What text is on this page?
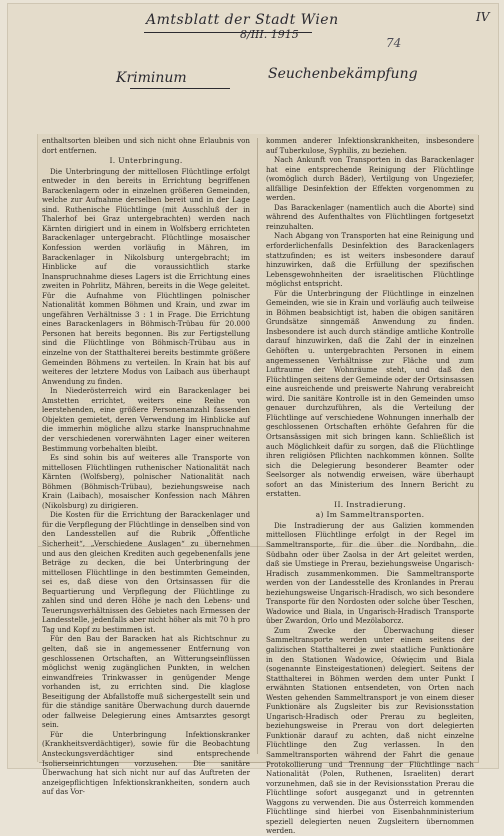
Amtsblatt der Stadt Wien
8/III. 1915
IV
74
Kriminum	Seuchenbekämpfung

enthaltsorten bleiben und sich nicht ohne Erlaubnis von dort entfernen.

I. Unterbringung.

Die Unterbringung der mittellosen Flüchtlinge erfolgt entweder in den bereits in Errichtung begriffenen Barackenlagern oder in einzelnen größeren Gemeinden, welche zur Aufnahme derselben bereit und in der Lage sind. Ruthenische Flüchtlinge (mit Ausschluß der in Thalerhof bei Graz untergebrachten) werden nach Kärnten dirigiert und in einem in Wolfsberg errichteten Barackenlager untergebracht. Flüchtlinge mosaischer Konfession werden vorläufig in Mähren, im Barackenlager in Nikolsburg untergebracht; im Hinblicke auf die voraussichtlich starke Inanspruchnahme dieses Lagers ist die Errichtung eines zweiten in Pohrlitz, Mähren, bereits in die Wege geleitet. Für die Aufnahme von Flüchtlingen polnischer Nationalität kommen Böhmen und Krain, und zwar im ungefähren Verhältnisse 3 : 1 in Frage. Die Errichtung eines Barackenlagers in Böhmisch-Trübau für 20.000 Personen hat bereits begonnen. Bis zur Fertigstellung sind die Flüchtlinge von Böhmisch-Trübau aus in einzelne von der Statthalterei bereits bestimmte größere Gemeinden Böhmens zu verteilen. In Krain hat bis auf weiteres der letztere Modus von Laibach aus überhaupt Anwendung zu finden.

In Niederösterreich wird ein Barackenlager bei Amstetten errichtet, weiters eine Reihe von leerstehenden, eine größere Personenanzahl fassenden Objekten gemietet, deren Verwendung im Hinblicke auf die immerhin mögliche allzu starke Inanspruchnahme der verschiedenen vorerwähnten Lager einer weiteren Bestimmung vorbehalten bleibt.

Es sind sohin bis auf weiteres alle Transporte von mittellosen Flüchtlingen ruthenischer Nationalität nach Kärnten (Wolfsberg), polnischer Nationalität nach Böhmen (Böhmisch-Trübau), beziehungsweise nach Krain (Laibach), mosaischer Konfession nach Mähren (Nikolsburg) zu dirigieren.

Die Kosten für die Errichtung der Barackenlager und für die Verpflegung der Flüchtlinge in denselben sind von den Landesstellen auf die Rubrik „Öffentliche Sicherheit“, „Verschiedene Auslagen“ zu übernehmen und aus den gleichen Krediten auch gegebenenfalls jene Beträge zu decken, die bei Unterbringung der mittellosen Flüchtlinge in den bestimmten Gemeinden, sei es, daß diese von den Ortsinsassen für die Bequartierung und Verpflegung der Flüchtlinge zu zahlen sind und deren Höhe je nach den Lebens- und Teuerungsverhältnissen des Gebietes nach Ermessen der Landesstelle, jedenfalls aber nicht höher als mit 70 h pro Tag und Kopf zu bestimmen ist.

Für den Bau der Baracken hat als Richtschnur zu gelten, daß sie in angemessener Entfernung von geschlossenen Ortschaften, an Witterungseinflüssen möglichst wenig zugänglichen Punkten, in welchen einwandfreies Trinkwasser in genügender Menge vorhanden ist, zu errichten sind. Die klaglose Beseitigung der Abfallstoffe muß sichergestellt sein und für die ständige sanitäre Überwachung durch dauernde oder fallweise Delegierung eines Amtsarztes gesorgt sein.

Für die Unterbringung Infektionskranker (Krankheitsverdächtiger), sowie für die Beobachtung Ansteckungsverdächtiger sind entsprechende Isolierseinrichtungen vorzusehen. Die sanitäre Überwachung hat sich nicht nur auf das Auftreten der anzeigepflichtigen Infektionskrankheiten, sondern auch auf das Vor-

kommen anderer Infektionskrankheiten, insbesondere auf Tuberkulose, Syphilis, zu beziehen.

Nach Ankunft von Transporten in das Barackenlager hat eine entsprechende Reinigung der Flüchtlinge (womöglich durch Bäder), Vertilgung von Ungeziefer, allfällige Desinfektion der Effekten vorgenommen zu werden.

Das Barackenlager (namentlich auch die Aborte) sind während des Aufenthaltes von Flüchtlingen fortgesetzt reinzuhalten.

Nach Abgang von Transporten hat eine Reinigung und erforderlichenfalls Desinfektion des Barackenlagers stattzufinden; es ist weiters insbesondere darauf hinzuwirken, daß die Erfüllung der spezifischen Lebensgewohnheiten der israelitischen Flüchtlinge möglichst entspricht.

Für die Unterbringung der Flüchtlinge in einzelnen Gemeinden, wie sie in Krain und vorläufig auch teilweise in Böhmen beabsichtigt ist, haben die obigen sanitären Grundsätze sinngemäß Anwendung zu finden. Insbesondere ist auch durch ständige amtliche Kontrolle darauf hinzuwirken, daß die Zahl der in einzelnen Gehöften u. untergebrachten Personen in einem angemessenen Verhältnisse zur Fläche und zum Luftraume der Wohnräume steht, und daß den Flüchtlingen seitens der Gemeinde oder der Ortsinsassen eine ausreichende und preiswerte Nahrung verabreicht wird. Die sanitäre Kontrolle ist in den Gemeinden umso genauer durchzuführen, als die Verteilung der Flüchtlinge auf verschiedene Wohnungen innerhalb der geschlossenen Ortschaften erhöhte Gefahren für die Ortsansässigen mit sich bringen kann. Schließlich ist auch Möglichkeit dafür zu sorgen, daß die Flüchtlinge ihren religiösen Pflichten nachkommen können. Sollte sich die Delegierung besonderer Beamter oder Seelsorger als notwendig erweisen, wäre überhaupt sofort an das Ministerium des Innern Bericht zu erstatten.

II. Instradierung.
a) Im Sammeltransporten.

Die Instradierung der aus Galizien kommenden mittellosen Flüchtlinge erfolgt in der Regel im Sammeltransporte, für die über die Nordbahn, die Südbahn oder über Zaolsa in der Art geleitet werden, daß sie Umstiege in Prerau, beziehungsweise Ungarisch-Hradisch zusammenkommen. Die Sammeltransporte werden von der Landesstelle des Kronlandes in Prerau beziehungsweise Ungarisch-Hradisch, wo sich besondere Transporte für den Nordosten oder solche über Teschen, Wadowice und Biala, in Ungarisch-Hradisch Transporte über Zwardon, Orlo und Mezölaborcz.

Zum Zwecke der Überwachung dieser Sammeltransporte werden unter einem seitens der galizischen Statthalterei je zwei staatliche Funktionäre in den Stationen Wadowice, Oświęcim und Biala (sogenannte Einsteigestationen) delegiert. Seitens der Statthalterei in Böhmen werden dem unter Punkt I erwähnten Stationen entsendeten, von Orten nach Westen gehenden Sammeltransport je von einem dieser Funktionäre als Zugsleiter bis zur Revisionsstation Ungarisch-Hradisch oder Prerau zu begleiten, beziehungsweise in Prerau von dort delegierten Funktionär darauf zu achten, daß nicht einzelne Flüchtlinge den Zug verlassen. In den Sammeltransporten während der Fahrt die genaue Protokollierung und Trennung der Flüchtlinge nach Nationalität (Polen, Ruthenen, Israeliten) derart vorzunehmen, daß sie in der Revisionsstation Prerau die Flüchtlinge sofort ausgeganzt und in getrennten Waggons zu verwenden. Die aus Österreich kommenden Flüchtlinge sind hierbei von Eisenbahnministerium speziell delegierten neuen Zugsleitern übernommen werden.
